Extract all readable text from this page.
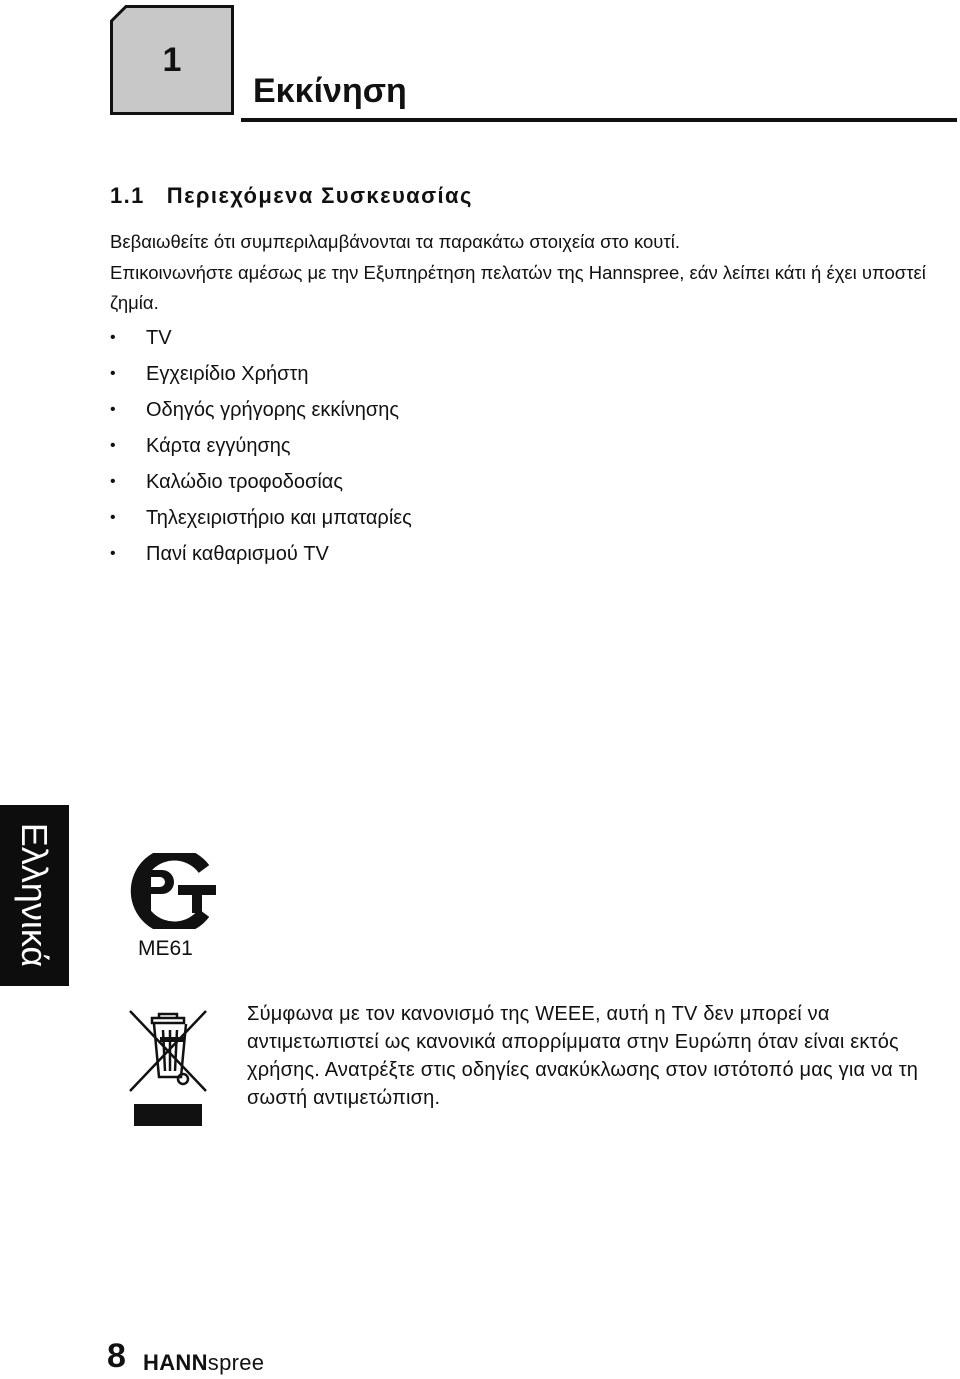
1
Εκκίνηση
1.1 Περιεχόμενα Συσκευασίας

Βεβαιωθείτε ότι συμπεριλαμβάνονται τα παρακάτω στοιχεία στο κουτί.

Επικοινωνήστε αμέσως με την Εξυπηρέτηση πελατών της Hannspree, εάν λείπει κάτι ή έχει υποστεί ζημία.

• TV
• Εγχειρίδιο Χρήστη
• Οδηγός γρήγορης εκκίνησης
• Κάρτα εγγύησης
• Καλώδιο τροφοδοσίας
• Τηλεχειριστήριο και μπαταρίες
• Πανί καθαρισμού TV
Ελληνικά	ME61
Σύμφωνα με τον κανονισμό της WEEE, αυτή η TV δεν μπορεί να αντιμετωπιστεί ως κανονικά απορρίμματα στην Ευρώπη όταν είναι εκτός χρήσης. Ανατρέξτε στις οδηγίες ανακύκλωσης στον ιστότοπό μας για να τη σωστή αντιμετώπιση.
8 HANNspree
